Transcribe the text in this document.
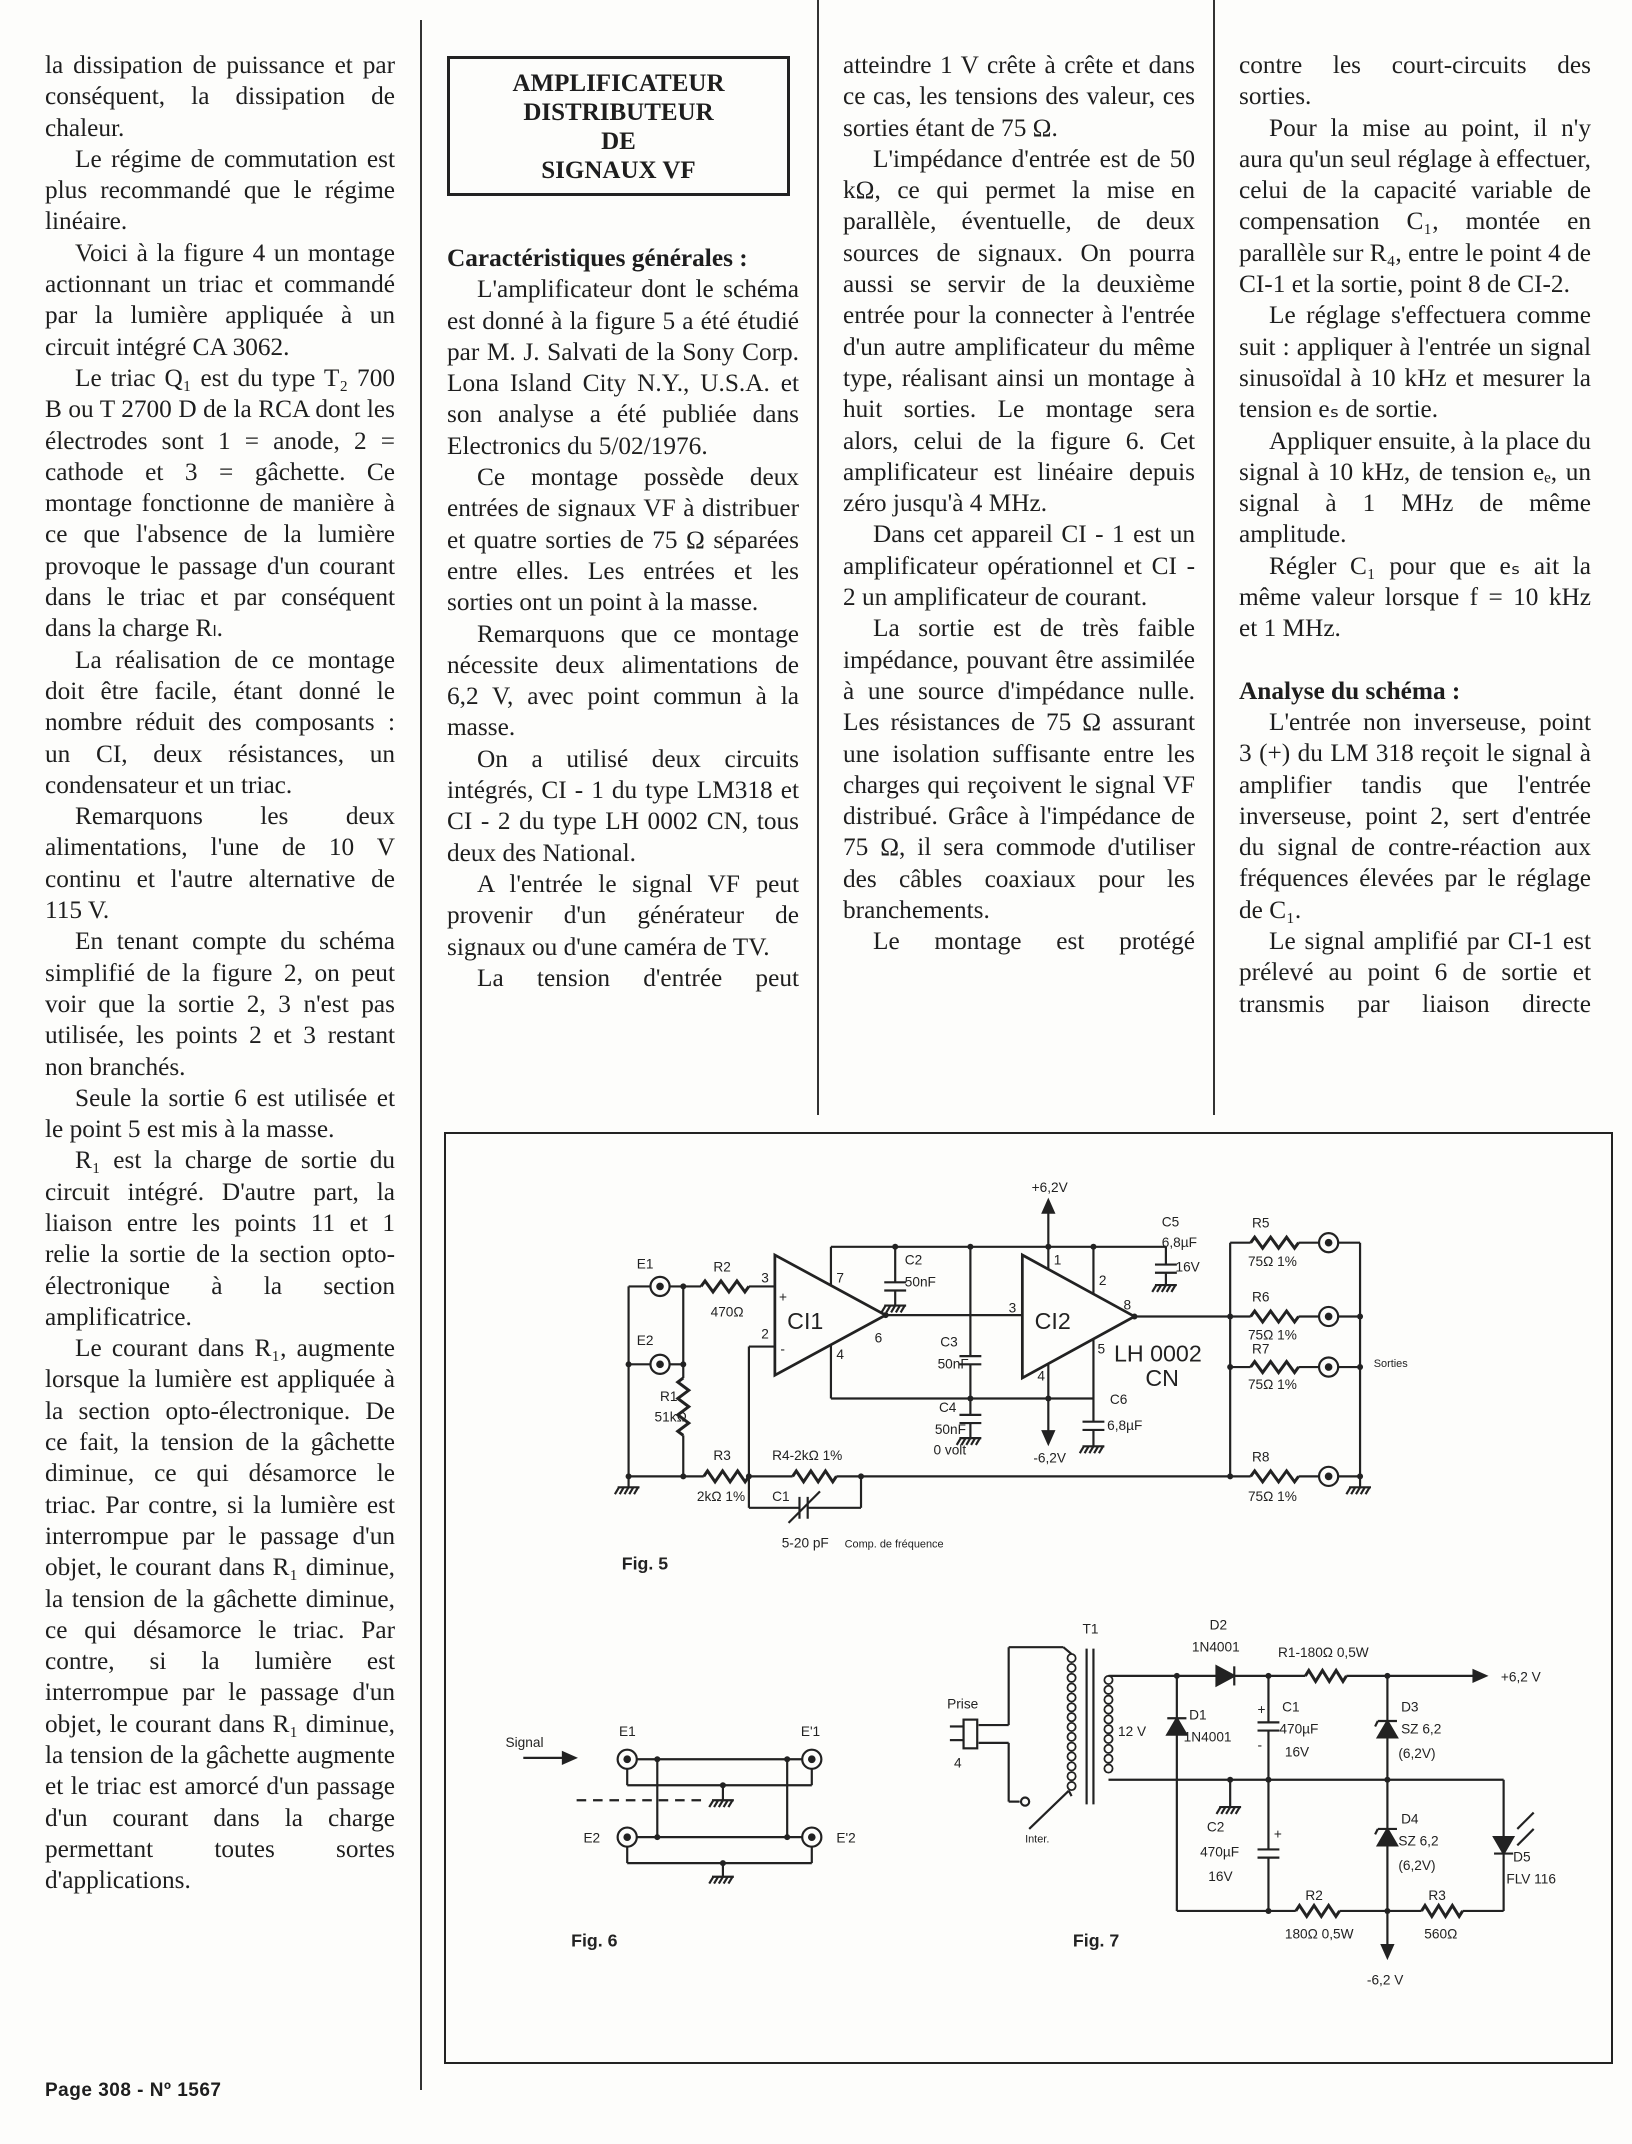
la dissipation de puissance et par conséquent, la dissipation de chaleur.

Le régime de commutation est plus recommandé que le régime linéaire.

Voici à la figure 4 un montage actionnant un triac et commandé par la lumière appliquée à un circuit intégré CA 3062.

Le triac Q₁ est du type T₂ 700 B ou T 2700 D de la RCA dont les électrodes sont 1 = anode, 2 = cathode et 3 = gâchette. Ce montage fonctionne de manière à ce que l'absence de la lumière provoque le passage d'un courant dans le triac et par conséquent dans la charge Rₗ.

La réalisation de ce montage doit être facile, étant donné le nombre réduit des composants : un CI, deux résistances, un condensateur et un triac.

Remarquons les deux alimentations, l'une de 10 V continu et l'autre alternative de 115 V.

En tenant compte du schéma simplifié de la figure 2, on peut voir que la sortie 2, 3 n'est pas utilisée, les points 2 et 3 restant non branchés.

Seule la sortie 6 est utilisée et le point 5 est mis à la masse.

R₁ est la charge de sortie du circuit intégré. D'autre part, la liaison entre les points 11 et 1 relie la sortie de la section opto-électronique à la section amplificatrice.

Le courant dans R₁, augmente lorsque la lumière est appliquée à la section opto-électronique. De ce fait, la tension de la gâchette diminue, ce qui désamorce le triac. Par contre, si la lumière est interrompue par le passage d'un objet, le courant dans R₁ diminue, la tension de la gâchette diminue, ce qui désamorce le triac. Par contre, si la lumière est interrompue par le passage d'un objet, le courant dans R₁ diminue, la tension de la gâchette augmente et le triac est amorcé d'un passage d'un courant dans la charge permettant toutes sortes d'applications.

AMPLIFICATEUR
DISTRIBUTEUR
DE
SIGNAUX VF
Caractéristiques générales :

L'amplificateur dont le schéma est donné à la figure 5 a été étudié par M. J. Salvati de la Sony Corp. Lona Island City N.Y., U.S.A. et son analyse a été publiée dans Electronics du 5/02/1976.

Ce montage possède deux entrées de signaux VF à distribuer et quatre sorties de 75 Ω séparées entre elles. Les entrées et les sorties ont un point à la masse.

Remarquons que ce montage nécessite deux alimentations de 6,2 V, avec point commun à la masse.

On a utilisé deux circuits intégrés, CI - 1 du type LM318 et CI - 2 du type LH 0002 CN, tous deux des National.

A l'entrée le signal VF peut provenir d'un générateur de signaux ou d'une caméra de TV.

La tension d'entrée peut

atteindre 1 V crête à crête et dans ce cas, les tensions des valeur, ces sorties étant de 75 Ω.

L'impédance d'entrée est de 50 kΩ, ce qui permet la mise en parallèle, éventuelle, de deux sources de signaux. On pourra aussi se servir de la deuxième entrée pour la connecter à l'entrée d'un autre amplificateur du même type, réalisant ainsi un montage à huit sorties. Le montage sera alors, celui de la figure 6. Cet amplificateur est linéaire depuis zéro jusqu'à 4 MHz.

Dans cet appareil CI - 1 est un amplificateur opérationnel et CI - 2 un amplificateur de courant.

La sortie est de très faible impédance, pouvant être assimilée à une source d'impédance nulle. Les résistances de 75 Ω assurant une isolation suffisante entre les charges qui reçoivent le signal VF distribué. Grâce à l'impédance de 75 Ω, il sera commode d'utiliser des câbles coaxiaux pour les branchements.

Le montage est protégé

contre les court-circuits des sorties.

Pour la mise au point, il n'y aura qu'un seul réglage à effectuer, celui de la capacité variable de compensation C₁, montée en parallèle sur R₄, entre le point 4 de CI-1 et la sortie, point 8 de CI-2.

Le réglage s'effectuera comme suit : appliquer à l'entrée un signal sinusoïdal à 10 kHz et mesurer la tension eₛ de sortie.

Appliquer ensuite, à la place du signal à 10 kHz, de tension eₑ, un signal à 1 MHz de même amplitude.

Régler C₁ pour que eₛ ait la même valeur lorsque f = 10 kHz et 1 MHz.

Analyse du schéma :

L'entrée non inverseuse, point 3 (+) du LM 318 reçoit le signal à amplifier tandis que l'entrée inverseuse, point 2, sert d'entrée du signal de contre-réaction aux fréquences élevées par le réglage de C₁.

Le signal amplifié par CI-1 est prélevé au point 6 de sortie et transmis par liaison directe

+6,2V
-6,2V
E1
E2
R1
51kΩ
R2
470Ω
R3
2kΩ 1%
R4-2kΩ 1%
C1
5-20 pF Comp. de fréquence
C2
50nF
C3
50nF
C4
50nF
0 volt
C5
6,8µF
16V
C6
6,8µF
CI1	CI2
LH 0002
CN
3
2
7
6
4
1
2
3	8
5
4
+
-
R5
75Ω 1%
R6
75Ω 1%
R7
75Ω 1%
R8
75Ω 1%
Sorties
Fig. 5
Signal
E1	E'1
E2	E'2
Fig. 6
T1
Prise
4
Inter.
12 V
D2
1N4001	R1-180Ω 0,5W
+6,2 V
D1
1N4001
C1
470µF
16V
+
-
D3
SZ 6,2
(6,2V)
C2
470µF
16V
+
D4
SZ 6,2
(6,2V)
D5
FLV 116
R2
180Ω 0,5W
R3
560Ω
-6,2 V
Fig. 7
Page 308 - Nº 1567
